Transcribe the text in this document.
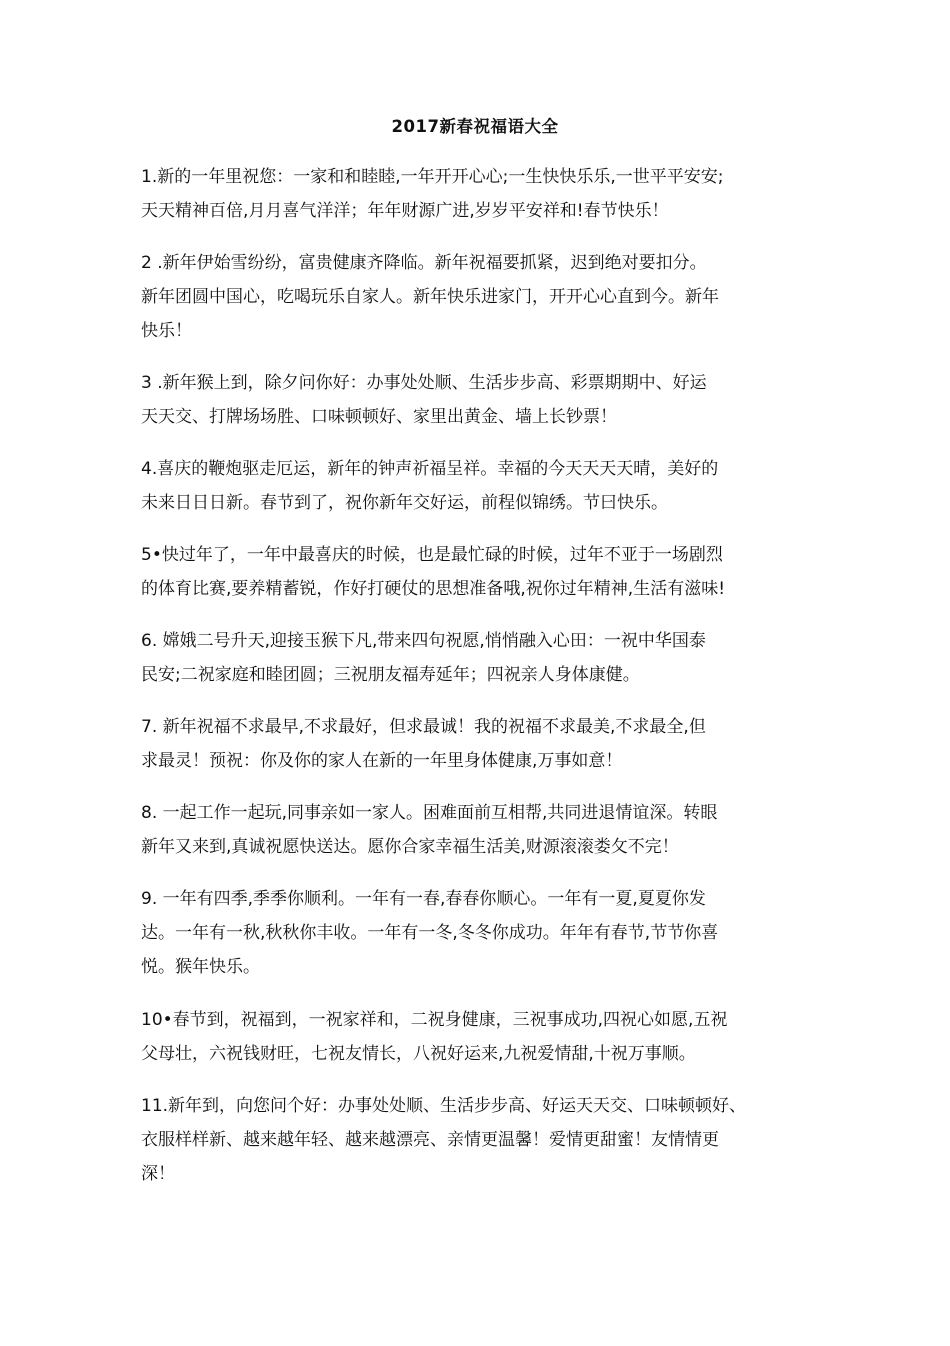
2017新春祝福语大全
1.新的一年里祝您：一家和和睦睦,一年开开心心;一生快快乐乐,一世平平安安;
天天精神百倍,月月喜气洋洋；年年财源广进,岁岁平安祥和!春节快乐！
2 .新年伊始雪纷纷，富贵健康齐降临。新年祝福要抓紧，迟到绝对要扣分。
新年团圆中国心，吃喝玩乐自家人。新年快乐进家门，开开心心直到今。新年
快乐！
3 .新年猴上到，除夕问你好：办事处处顺、生活步步高、彩票期期中、好运
天天交、打牌场场胜、口味顿顿好、家里出黄金、墙上长钞票！
4.喜庆的鞭炮驱走厄运，新年的钟声祈福呈祥。幸福的今天天天天晴，美好的
未来日日日新。春节到了，祝你新年交好运，前程似锦绣。节曰快乐。
5•快过年了，一年中最喜庆的时候，也是最忙碌的时候，过年不亚于一场剧烈
的体育比赛,要养精蓄锐，作好打硬仗的思想准备哦,祝你过年精神,生活有滋味!
6. 嫦娥二号升天,迎接玉猴下凡,带来四句祝愿,悄悄融入心田：一祝中华国泰
民安;二祝家庭和睦团圆；三祝朋友福寿延年；四祝亲人身体康健。
7. 新年祝福不求最早,不求最好，但求最诚！我的祝福不求最美,不求最全,但
求最灵！预祝：你及你的家人在新的一年里身体健康,万事如意！
8. 一起工作一起玩,同事亲如一家人。困难面前互相帮,共同进退情谊深。转眼
新年又来到,真诚祝愿快送达。愿你合家幸福生活美,财源滚滚娄攵不完！
9. 一年有四季,季季你顺利。一年有一春,春春你顺心。一年有一夏,夏夏你发
达。一年有一秋,秋秋你丰收。一年有一冬,冬冬你成功。年年有春节,节节你喜
悦。猴年快乐。
10•春节到，祝福到，一祝家祥和，二祝身健康，三祝事成功,四祝心如愿,五祝
父母壮，六祝钱财旺，七祝友情长，八祝好运来,九祝爱情甜,十祝万事顺。
11.新年到，向您问个好：办事处处顺、生活步步高、好运天天交、口味顿顿好、
衣服样样新、越来越年轻、越来越漂亮、亲情更温馨！爱情更甜蜜！友情情更
深！
